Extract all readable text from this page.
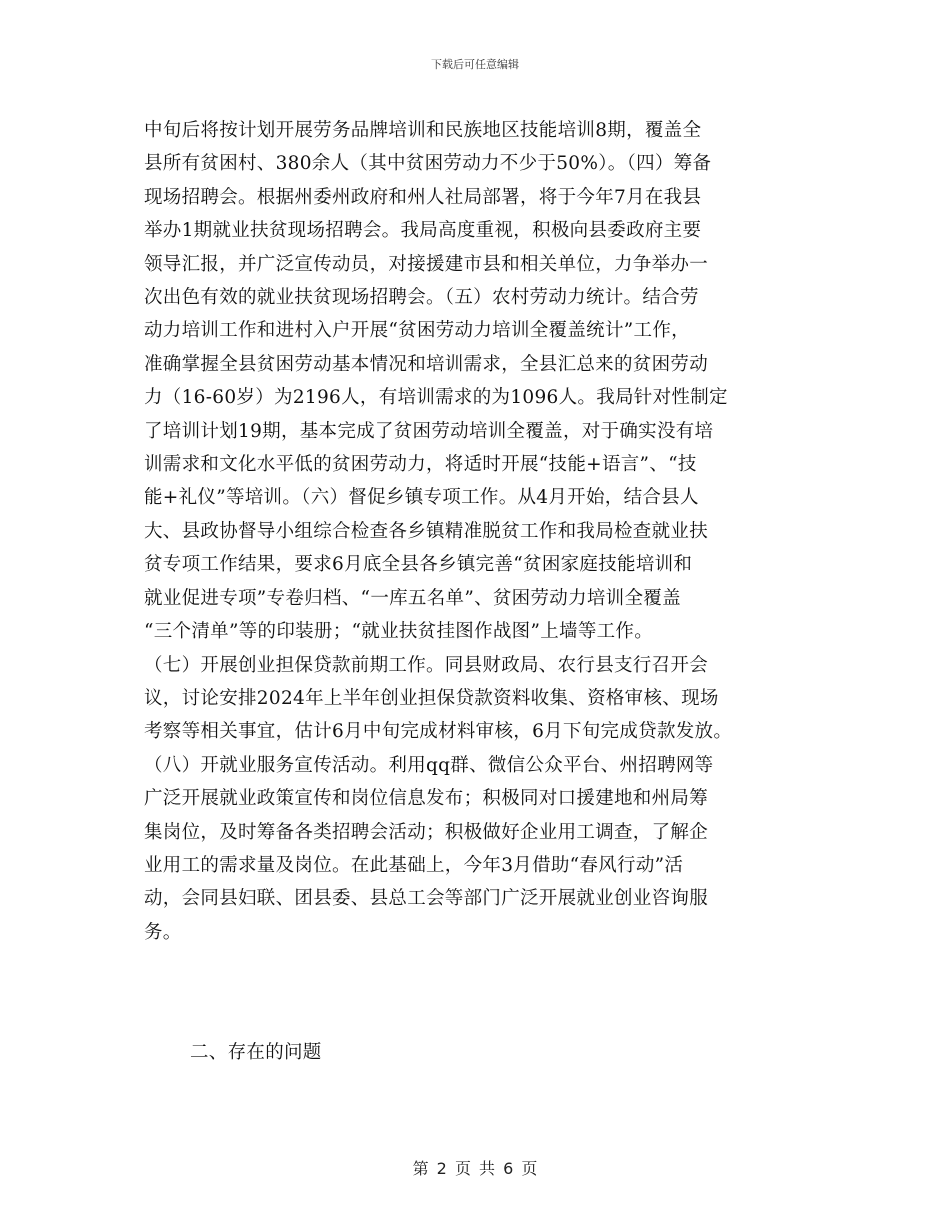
下载后可任意编辑

中旬后将按计划开展劳务品牌培训和民族地区技能培训8期，覆盖全
县所有贫困村、380余人（其中贫困劳动力不少于50%）。（四）筹备
现场招聘会。根据州委州政府和州人社局部署，将于今年7月在我县
举办1期就业扶贫现场招聘会。我局高度重视，积极向县委政府主要
领导汇报，并广泛宣传动员，对接援建市县和相关单位，力争举办一
次出色有效的就业扶贫现场招聘会。（五）农村劳动力统计。结合劳
动力培训工作和进村入户开展“贫困劳动力培训全覆盖统计”工作，
准确掌握全县贫困劳动基本情况和培训需求，全县汇总来的贫困劳动
力（16-60岁）为2196人，有培训需求的为1096人。我局针对性制定
了培训计划19期，基本完成了贫困劳动培训全覆盖，对于确实没有培
训需求和文化水平低的贫困劳动力，将适时开展“技能+语言”、“技
能+礼仪”等培训。（六）督促乡镇专项工作。从4月开始，结合县人
大、县政协督导小组综合检查各乡镇精准脱贫工作和我局检查就业扶
贫专项工作结果，要求6月底全县各乡镇完善“贫困家庭技能培训和
就业促进专项”专卷归档、“一库五名单”、贫困劳动力培训全覆盖
“三个清单”等的印装册；“就业扶贫挂图作战图”上墙等工作。
（七）开展创业担保贷款前期工作。同县财政局、农行县支行召开会
议，讨论安排2024年上半年创业担保贷款资料收集、资格审核、现场
考察等相关事宜，估计6月中旬完成材料审核，6月下旬完成贷款发放。
（八）开就业服务宣传活动。利用qq群、微信公众平台、州招聘网等
广泛开展就业政策宣传和岗位信息发布；积极同对口援建地和州局筹
集岗位，及时筹备各类招聘会活动；积极做好企业用工调查，了解企
业用工的需求量及岗位。在此基础上，今年3月借助“春风行动”活
动，会同县妇联、团县委、县总工会等部门广泛开展就业创业咨询服
务。

二、存在的问题
第 2 页 共 6 页
